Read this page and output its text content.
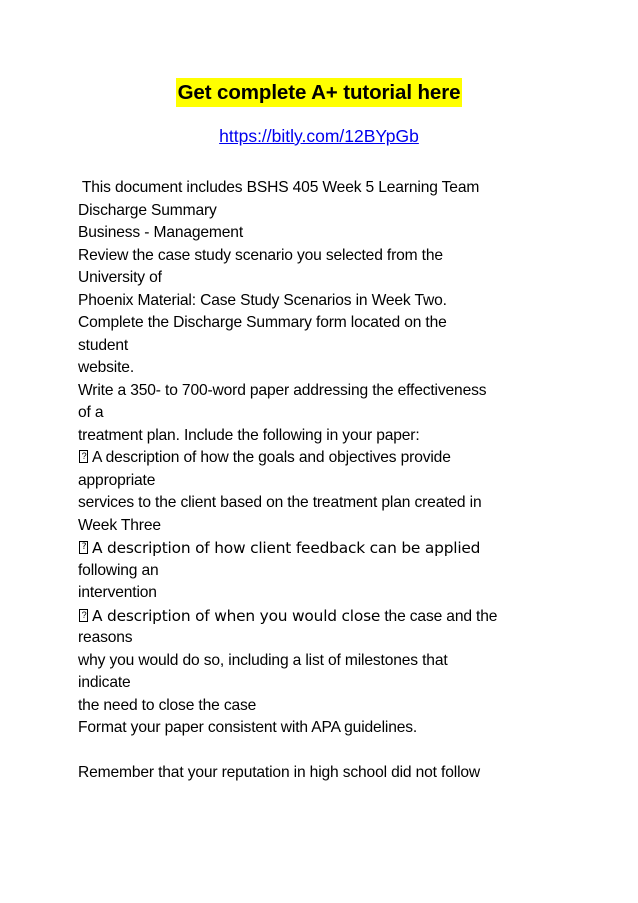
Get complete A+ tutorial here
https://bitly.com/12BYpGb
This document includes BSHS 405 Week 5 Learning Team
Discharge Summary
Business - Management
Review the case study scenario you selected from the
University of
Phoenix Material: Case Study Scenarios in Week Two.
Complete the Discharge Summary form located on the
student
website.
Write a 350- to 700-word paper addressing the effectiveness
of a
treatment plan. Include the following in your paper:
?A description of how the goals and objectives provide
appropriate
services to the client based on the treatment plan created in
Week Three
?A description of how client feedback can be applied
following an
intervention
?A description of when you would close the case and the
reasons
why you would do so, including a list of milestones that
indicate
the need to close the case
Format your paper consistent with APA guidelines.
Remember that your reputation in high school did not follow
